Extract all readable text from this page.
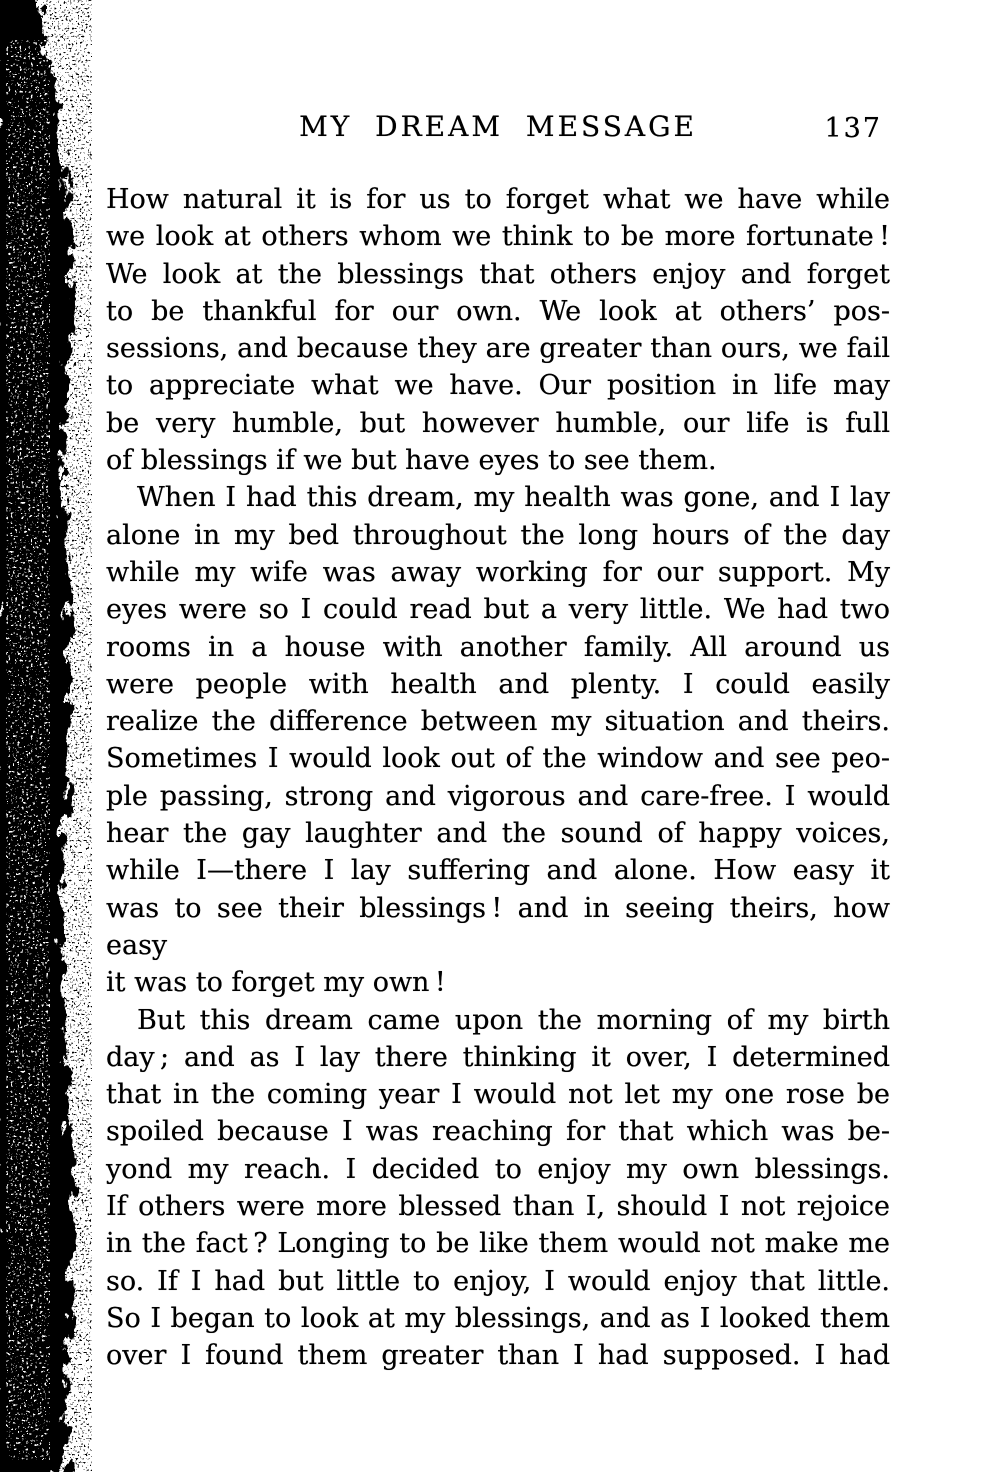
MY DREAM MESSAGE	137
How natural it is for us to forget what we have while
we look at others whom we think to be more fortunate !
We look at the blessings that others enjoy and forget
to be thankful for our own. We look at others’ pos-
sessions, and because they are greater than ours, we fail
to appreciate what we have. Our position in life may
be very humble, but however humble, our life is full
of blessings if we but have eyes to see them.
When I had this dream, my health was gone, and I lay
alone in my bed throughout the long hours of the day
while my wife was away working for our support. My
eyes were so I could read but a very little. We had two
rooms in a house with another family. All around us
were people with health and plenty. I could easily
realize the difference between my situation and theirs.
Sometimes I would look out of the window and see peo-
ple passing, strong and vigorous and care-free. I would
hear the gay laughter and the sound of happy voices,
while I—there I lay suffering and alone. How easy it
was to see their blessings ! and in seeing theirs, how easy
it was to forget my own !
But this dream came upon the morning of my birth
day ; and as I lay there thinking it over, I determined
that in the coming year I would not let my one rose be
spoiled because I was reaching for that which was be-
yond my reach. I decided to enjoy my own blessings.
If others were more blessed than I, should I not rejoice
in the fact ? Longing to be like them would not make me
so. If I had but little to enjoy, I would enjoy that little.
So I began to look at my blessings, and as I looked them
over I found them greater than I had supposed. I had
